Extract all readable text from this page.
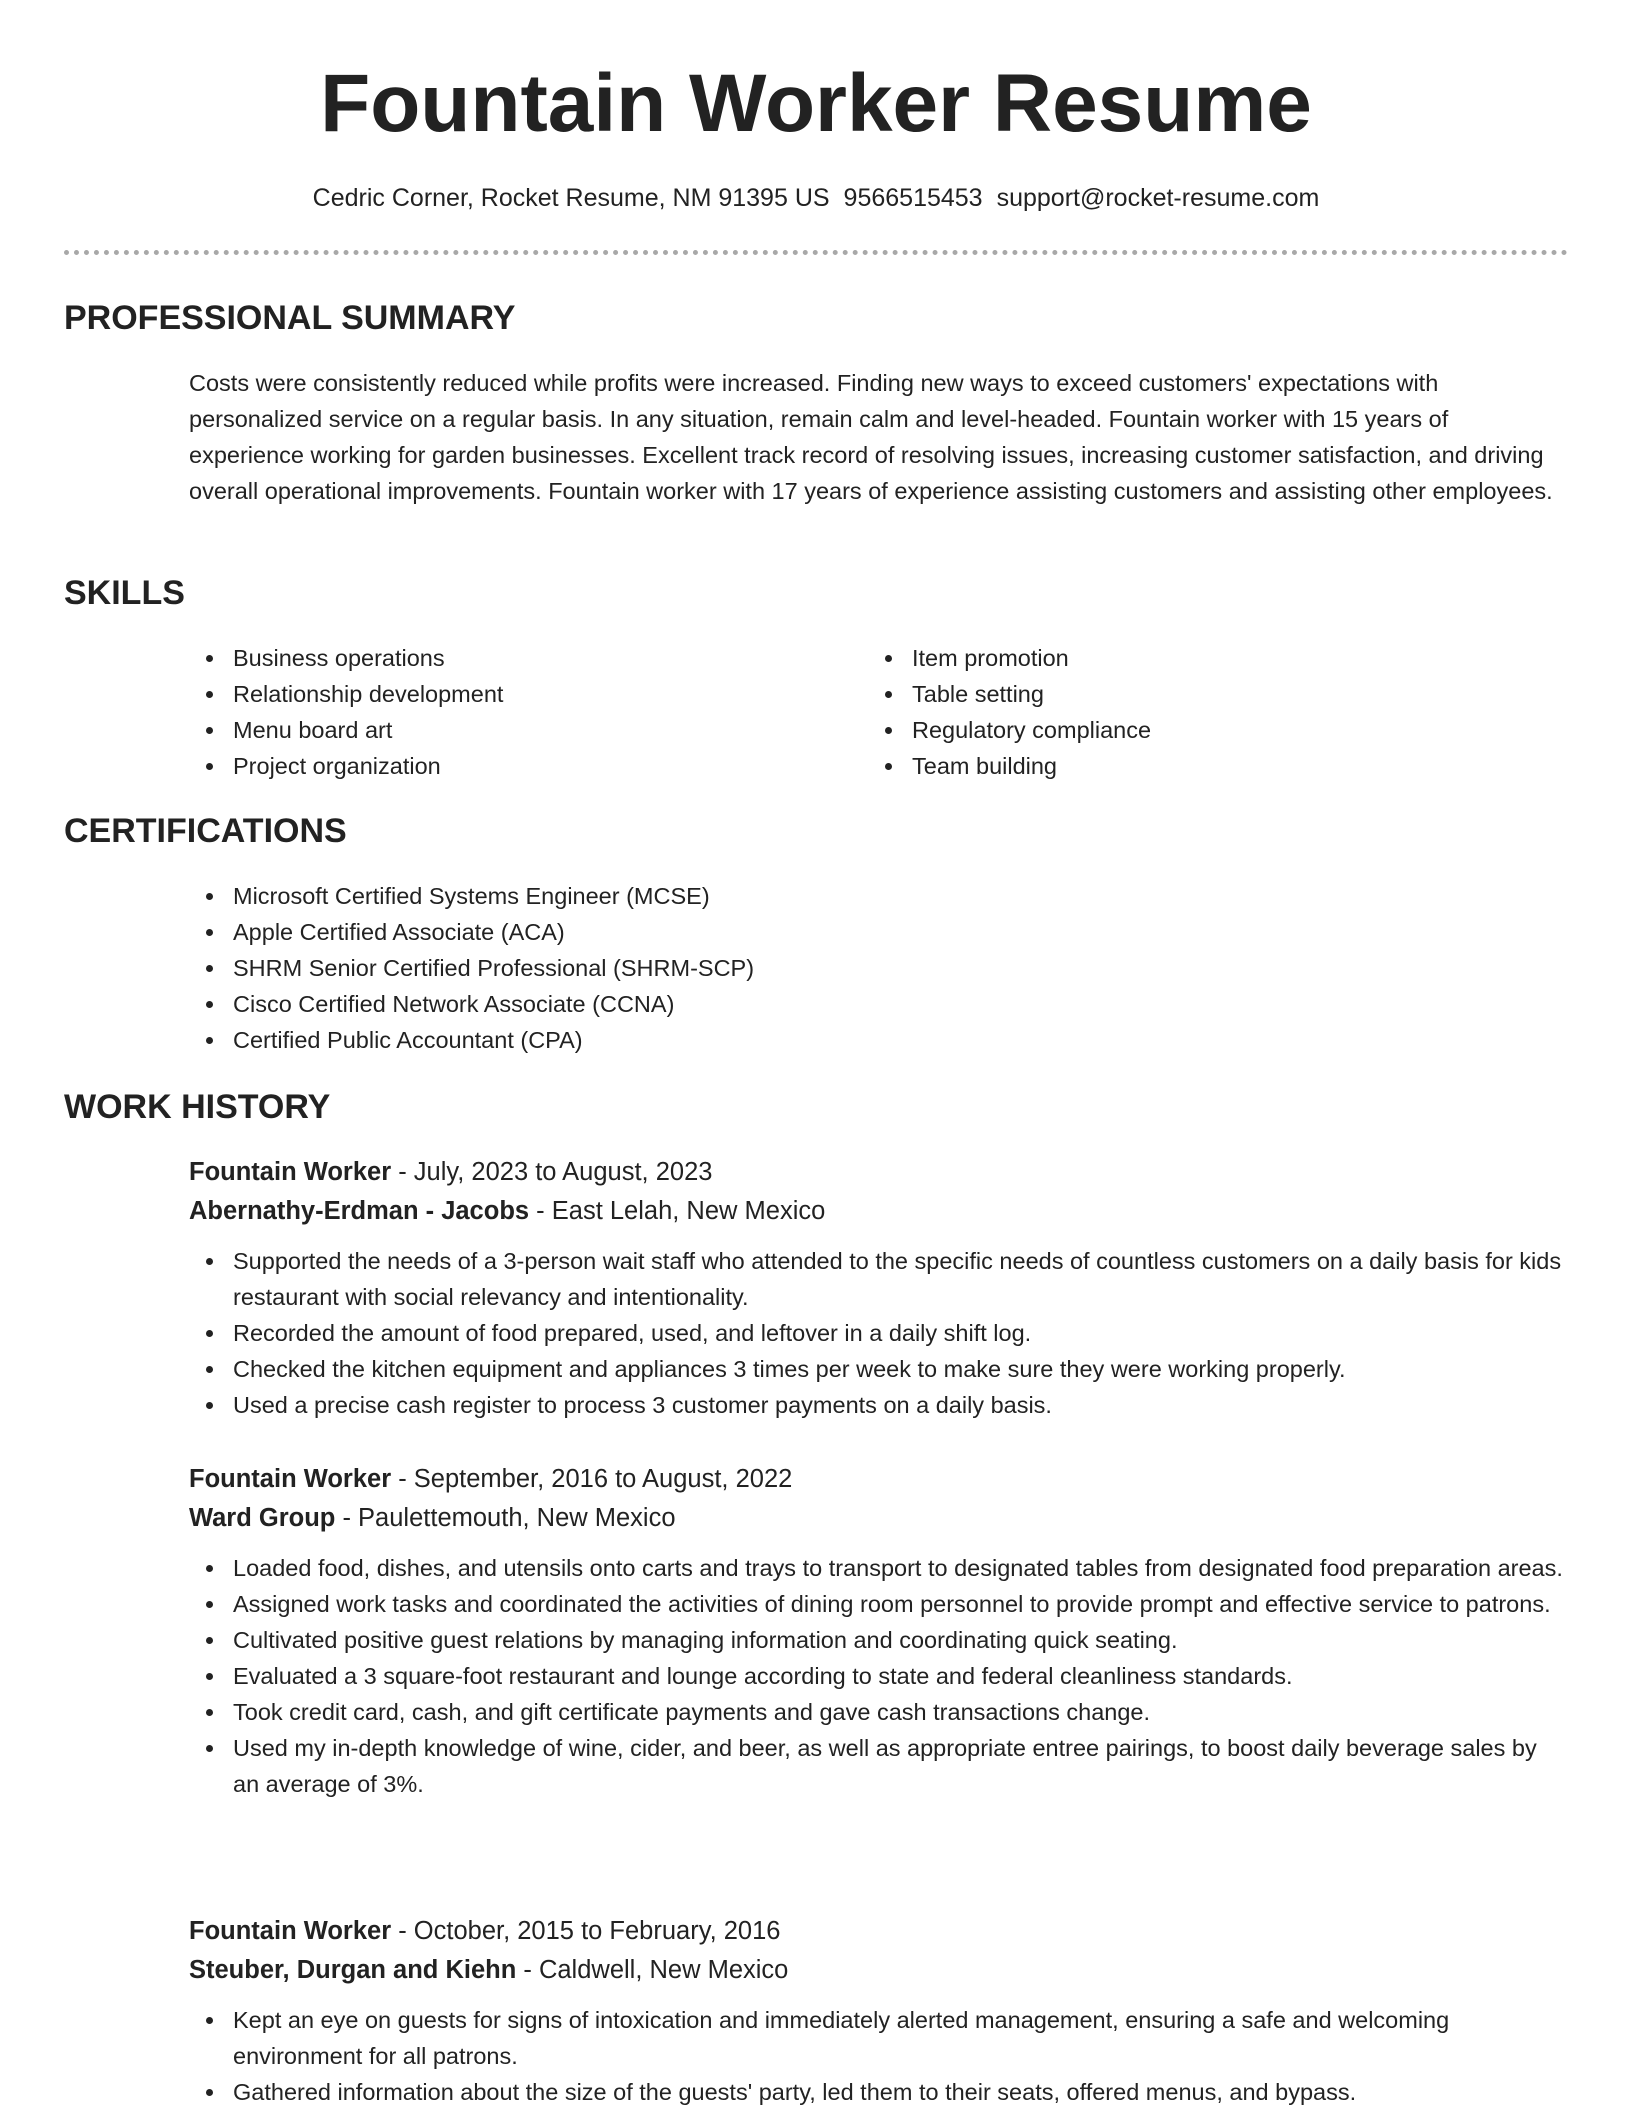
Fountain Worker Resume
Cedric Corner, Rocket Resume, NM 91395 US 9566515453 support@rocket-resume.com
PROFESSIONAL SUMMARY

Costs were consistently reduced while profits were increased. Finding new ways to exceed customers' expectations with personalized service on a regular basis. In any situation, remain calm and level-headed. Fountain worker with 15 years of experience working for garden businesses. Excellent track record of resolving issues, increasing customer satisfaction, and driving overall operational improvements. Fountain worker with 17 years of experience assisting customers and assisting other employees.

SKILLS
Business operations
Relationship development
Menu board art
Project organization
Item promotion
Table setting
Regulatory compliance
Team building
CERTIFICATIONS
Microsoft Certified Systems Engineer (MCSE)
Apple Certified Associate (ACA)
SHRM Senior Certified Professional (SHRM-SCP)
Cisco Certified Network Associate (CCNA)
Certified Public Accountant (CPA)
WORK HISTORY
Fountain Worker - July, 2023 to August, 2023
Abernathy-Erdman - Jacobs - East Lelah, New Mexico
Supported the needs of a 3-person wait staff who attended to the specific needs of countless customers on a daily basis for kids restaurant with social relevancy and intentionality.
Recorded the amount of food prepared, used, and leftover in a daily shift log.
Checked the kitchen equipment and appliances 3 times per week to make sure they were working properly.
Used a precise cash register to process 3 customer payments on a daily basis.
Fountain Worker - September, 2016 to August, 2022
Ward Group - Paulettemouth, New Mexico
Loaded food, dishes, and utensils onto carts and trays to transport to designated tables from designated food preparation areas.
Assigned work tasks and coordinated the activities of dining room personnel to provide prompt and effective service to patrons.
Cultivated positive guest relations by managing information and coordinating quick seating.
Evaluated a 3 square-foot restaurant and lounge according to state and federal cleanliness standards.
Took credit card, cash, and gift certificate payments and gave cash transactions change.
Used my in-depth knowledge of wine, cider, and beer, as well as appropriate entree pairings, to boost daily beverage sales by an average of 3%.
Fountain Worker - October, 2015 to February, 2016
Steuber, Durgan and Kiehn - Caldwell, New Mexico
Kept an eye on guests for signs of intoxication and immediately alerted management, ensuring a safe and welcoming environment for all patrons.
Gathered information about the size of the guests' party, led them to their seats, offered menus, and bypass.
